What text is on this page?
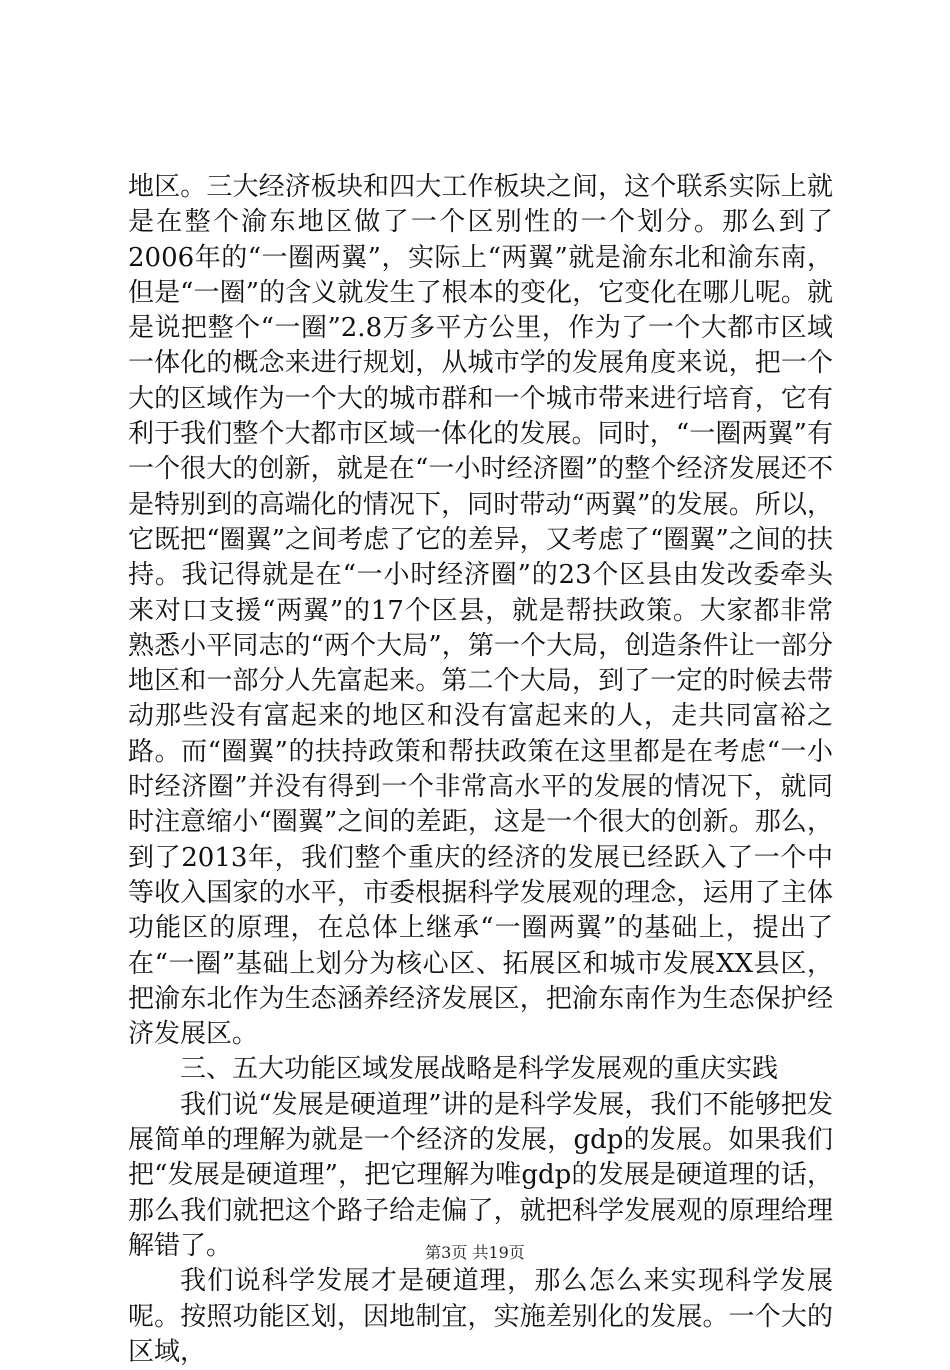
地区。三大经济板块和四大工作板块之间，这个联系实际上就是在整个渝东地区做了一个区别性的一个划分。那么到了2006年的“一圈两翼”，实际上“两翼”就是渝东北和渝东南，但是“一圈”的含义就发生了根本的变化，它变化在哪儿呢。就是说把整个“一圈”2.8万多平方公里，作为了一个大都市区域一体化的概念来进行规划，从城市学的发展角度来说，把一个大的区域作为一个大的城市群和一个城市带来进行培育，它有利于我们整个大都市区域一体化的发展。同时，“一圈两翼”有一个很大的创新，就是在“一小时经济圈”的整个经济发展还不是特别到的高端化的情况下，同时带动“两翼”的发展。所以，它既把“圈翼”之间考虑了它的差异，又考虑了“圈翼”之间的扶持。我记得就是在“一小时经济圈”的23个区县由发改委牵头来对口支援“两翼”的17个区县，就是帮扶政策。大家都非常熟悉小平同志的“两个大局”，第一个大局，创造条件让一部分地区和一部分人先富起来。第二个大局，到了一定的时候去带动那些没有富起来的地区和没有富起来的人，走共同富裕之路。而“圈翼”的扶持政策和帮扶政策在这里都是在考虑“一小时经济圈”并没有得到一个非常高水平的发展的情况下，就同时注意缩小“圈翼”之间的差距，这是一个很大的创新。那么，到了2013年，我们整个重庆的经济的发展已经跃入了一个中等收入国家的水平，市委根据科学发展观的理念，运用了主体功能区的原理，在总体上继承“一圈两翼”的基础上，提出了在“一圈”基础上划分为核心区、拓展区和城市发展XX县区，把渝东北作为生态涵养经济发展区，把渝东南作为生态保护经济发展区。

三、五大功能区域发展战略是科学发展观的重庆实践

我们说“发展是硬道理”讲的是科学发展，我们不能够把发展简单的理解为就是一个经济的发展，gdp的发展。如果我们把“发展是硬道理”，把它理解为唯gdp的发展是硬道理的话，那么我们就把这个路子给走偏了，就把科学发展观的原理给理解错了。

我们说科学发展才是硬道理，那么怎么来实现科学发展呢。按照功能区划，因地制宜，实施差别化的发展。一个大的区域，

第3页 共19页
